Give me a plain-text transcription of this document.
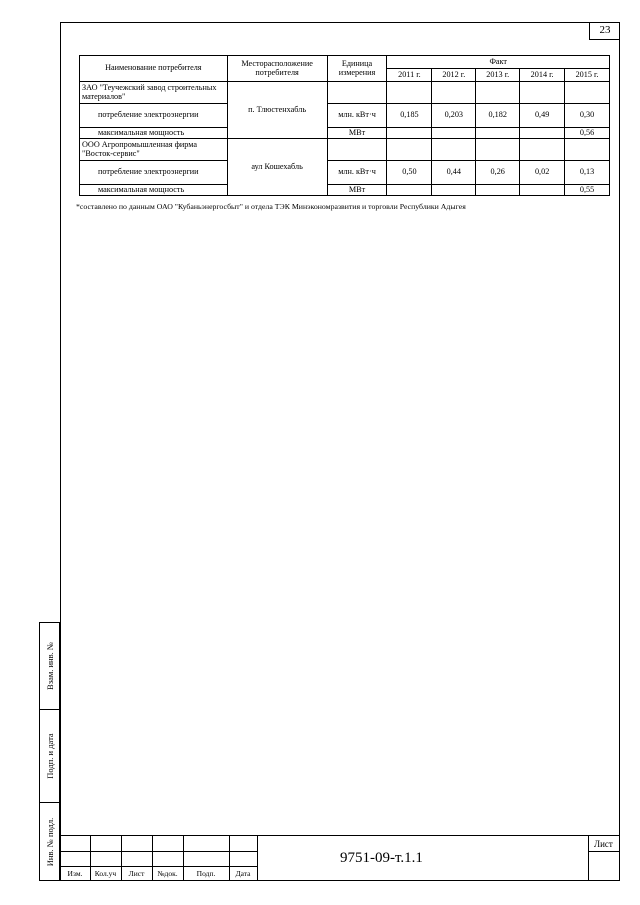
23
Наименование потребителя	Месторасположение потребителя	Единица измерения	Факт				
			2011 г.	2012 г.	2013 г.	2014 г.	2015 г.
ЗАО "Теучежский завод строительных материалов"	п. Тлюстенхабль						
потребление электроэнергии		млн. кВт·ч	0,185	0,203	0,182	0,49	0,30
максимальная мощность		МВт					0,56
ООО Агропромышленная фирма "Восток-сервис"	аул Кошехабль						
потребление электроэнергии		млн. кВт·ч	0,50	0,44	0,26	0,02	0,13
максимальная мощность		МВт					0,55
*составлено по данным ОАО "Кубаньэнергосбыт" и отдела ТЭК Минэкономразвития и торговли Республики Адыгея
Взам. инв. №
Подп. и дата
Инв. № подл.
Изм.	Кол.уч	Лист	№док.	Подп.	Дата
9751-09-т.1.1
Лист
